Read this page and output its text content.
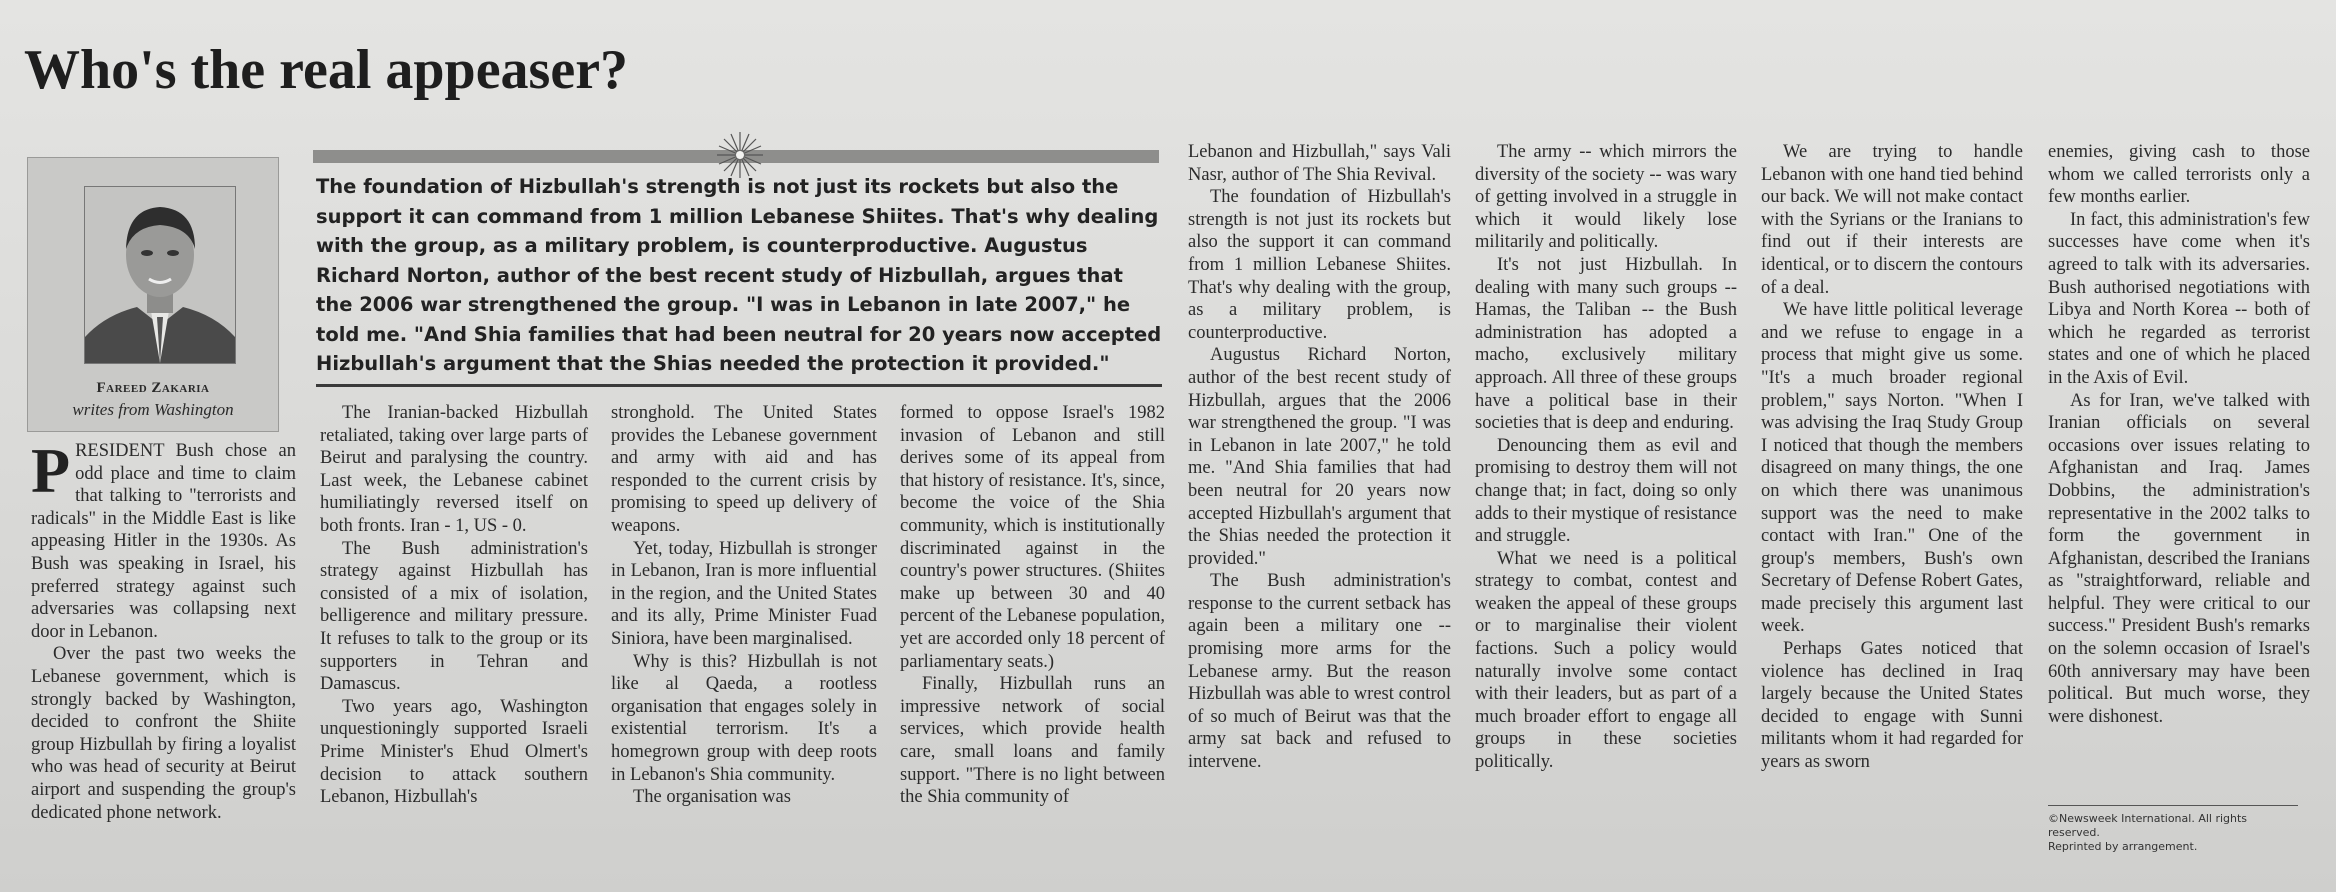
Who's the real appeaser?
Fareed Zakaria
writes from Washington
The foundation of Hizbullah's strength is not just its rockets but also the support it can command from 1 million Lebanese Shiites. That's why dealing with the group, as a military problem, is counterproductive. Augustus Richard Norton, author of the best recent study of Hizbullah, argues that the 2006 war strengthened the group. "I was in Lebanon in late 2007," he told me. "And Shia families that had been neutral for 20 years now accepted Hizbullah's argument that the Shias needed the protection it provided."

PRESIDENT Bush chose an odd place and time to claim that talking to "terrorists and radicals" in the Middle East is like appeasing Hitler in the 1930s. As Bush was speaking in Israel, his preferred strategy against such adversaries was collapsing next door in Lebanon.

Over the past two weeks the Lebanese government, which is strongly backed by Washington, decided to confront the Shiite group Hizbullah by firing a loyalist who was head of security at Beirut airport and suspending the group's dedicated phone network.

The Iranian-backed Hizbullah retaliated, taking over large parts of Beirut and paralysing the country. Last week, the Lebanese cabinet humiliatingly reversed itself on both fronts. Iran - 1, US - 0.

The Bush administration's strategy against Hizbullah has consisted of a mix of isolation, belligerence and military pressure. It refuses to talk to the group or its supporters in Tehran and Damascus.

Two years ago, Washington unquestioningly supported Israeli Prime Minister's Ehud Olmert's decision to attack southern Lebanon, Hizbullah's

stronghold. The United States provides the Lebanese government and army with aid and has responded to the current crisis by promising to speed up delivery of weapons.

Yet, today, Hizbullah is stronger in Lebanon, Iran is more influential in the region, and the United States and its ally, Prime Minister Fuad Siniora, have been marginalised.

Why is this? Hizbullah is not like al Qaeda, a rootless organisation that engages solely in existential terrorism. It's a homegrown group with deep roots in Lebanon's Shia community.

The organisation was

formed to oppose Israel's 1982 invasion of Lebanon and still derives some of its appeal from that history of resistance. It's, since, become the voice of the Shia community, which is institutionally discriminated against in the country's power structures. (Shiites make up between 30 and 40 percent of the Lebanese population, yet are accorded only 18 percent of parliamentary seats.)

Finally, Hizbullah runs an impressive network of social services, which provide health care, small loans and family support. "There is no light between the Shia community of

Lebanon and Hizbullah," says Vali Nasr, author of The Shia Revival.

The foundation of Hizbullah's strength is not just its rockets but also the support it can command from 1 million Lebanese Shiites. That's why dealing with the group, as a military problem, is counterproductive.

Augustus Richard Norton, author of the best recent study of Hizbullah, argues that the 2006 war strengthened the group. "I was in Lebanon in late 2007," he told me. "And Shia families that had been neutral for 20 years now accepted Hizbullah's argument that the Shias needed the protection it provided."

The Bush administration's response to the current setback has again been a military one -- promising more arms for the Lebanese army. But the reason Hizbullah was able to wrest control of so much of Beirut was that the army sat back and refused to intervene.

The army -- which mirrors the diversity of the society -- was wary of getting involved in a struggle in which it would likely lose militarily and politically.

It's not just Hizbullah. In dealing with many such groups -- Hamas, the Taliban -- the Bush administration has adopted a macho, exclusively military approach. All three of these groups have a political base in their societies that is deep and enduring.

Denouncing them as evil and promising to destroy them will not change that; in fact, doing so only adds to their mystique of resistance and struggle.

What we need is a political strategy to combat, contest and weaken the appeal of these groups or to marginalise their violent factions. Such a policy would naturally involve some contact with their leaders, but as part of a much broader effort to engage all groups in these societies politically.

We are trying to handle Lebanon with one hand tied behind our back. We will not make contact with the Syrians or the Iranians to find out if their interests are identical, or to discern the contours of a deal.

We have little political leverage and we refuse to engage in a process that might give us some. "It's a much broader regional problem," says Norton. "When I was advising the Iraq Study Group I noticed that though the members disagreed on many things, the one on which there was unanimous support was the need to make contact with Iran." One of the group's members, Bush's own Secretary of Defense Robert Gates, made precisely this argument last week.

Perhaps Gates noticed that violence has declined in Iraq largely because the United States decided to engage with Sunni militants whom it had regarded for years as sworn

enemies, giving cash to those whom we called terrorists only a few months earlier.

In fact, this administration's few successes have come when it's agreed to talk with its adversaries. Bush authorised negotiations with Libya and North Korea -- both of which he regarded as terrorist states and one of which he placed in the Axis of Evil.

As for Iran, we've talked with Iranian officials on several occasions over issues relating to Afghanistan and Iraq. James Dobbins, the administration's representative in the 2002 talks to form the government in Afghanistan, described the Iranians as "straightforward, reliable and helpful. They were critical to our success." President Bush's remarks on the solemn occasion of Israel's 60th anniversary may have been political. But much worse, they were dishonest.

©Newsweek International. All rights reserved.
Reprinted by arrangement.
